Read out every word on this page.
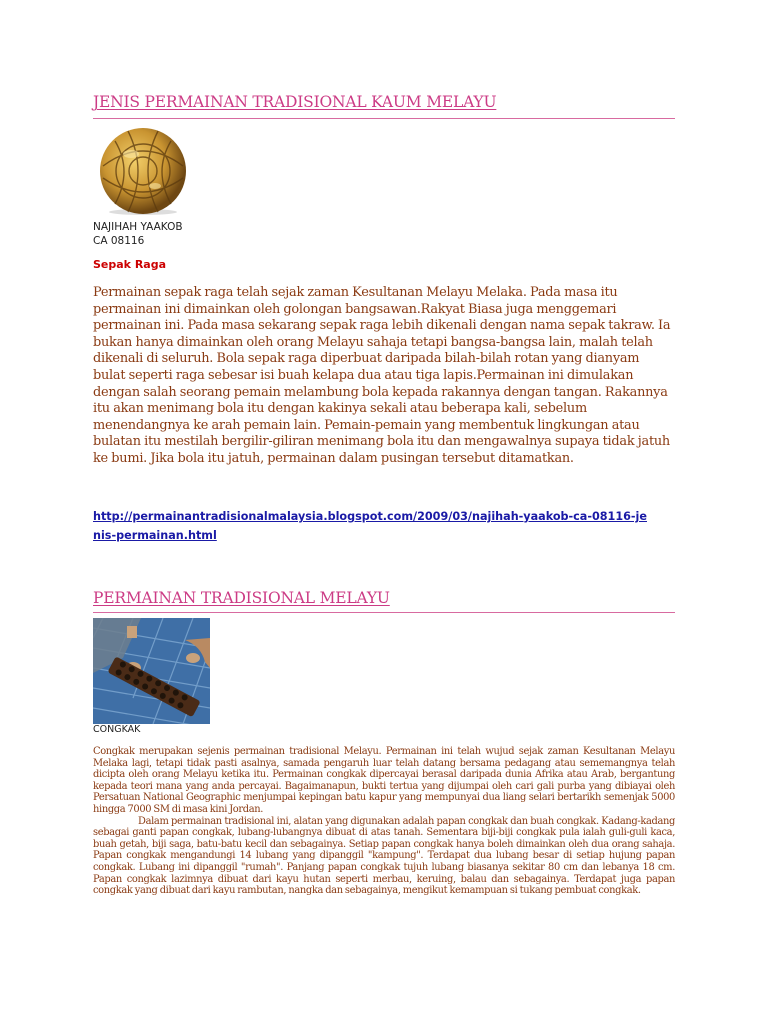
JENIS PERMAINAN TRADISIONAL KAUM MELAYU
NAJIHAH YAAKOB
CA 08116
Sepak Raga
Permainan sepak raga telah sejak zaman Kesultanan Melayu Melaka. Pada masa itu permainan ini dimainkan oleh golongan bangsawan.Rakyat Biasa juga menggemari permainan ini. Pada masa sekarang sepak raga lebih dikenali dengan nama sepak takraw. Ia bukan hanya dimainkan oleh orang Melayu sahaja tetapi bangsa-bangsa lain, malah telah dikenali di seluruh. Bola sepak raga diperbuat daripada bilah-bilah rotan yang dianyam bulat seperti raga sebesar isi buah kelapa dua atau tiga lapis.Permainan ini dimulakan dengan salah seorang pemain melambung bola kepada rakannya dengan tangan. Rakannya itu akan menimang bola itu dengan kakinya sekali atau beberapa kali, sebelum menendangnya ke arah pemain lain. Pemain-pemain yang membentuk lingkungan atau bulatan itu mestilah bergilir-giliran menimang bola itu dan mengawalnya supaya tidak jatuh ke bumi. Jika bola itu jatuh, permainan dalam pusingan tersebut ditamatkan.
http://permainantradisionalmalaysia.blogspot.com/2009/03/najihah-yaakob-ca-08116-jenis-permainan.html
PERMAINAN TRADISIONAL MELAYU
CONGKAK

Congkak merupakan sejenis permainan tradisional Melayu. Permainan ini telah wujud sejak zaman Kesultanan Melayu Melaka lagi, tetapi tidak pasti asalnya, samada pengaruh luar telah datang bersama pedagang atau sememangnya telah dicipta oleh orang Melayu ketika itu. Permainan congkak dipercayai berasal daripada dunia Afrika atau Arab, bergantung kepada teori mana yang anda percayai. Bagaimanapun, bukti tertua yang dijumpai oleh cari gali purba yang dibiayai oleh Persatuan National Geographic menjumpai kepingan batu kapur yang mempunyai dua liang selari bertarikh semenjak 5000 hingga 7000 SM di masa kini Jordan.

Dalam permainan tradisional ini, alatan yang digunakan adalah papan congkak dan buah congkak. Kadang-kadang sebagai ganti papan congkak, lubang-lubangnya dibuat di atas tanah. Sementara biji-biji congkak pula ialah guli-guli kaca, buah getah, biji saga, batu-batu kecil dan sebagainya. Setiap papan congkak hanya boleh dimainkan oleh dua orang sahaja. Papan congkak mengandungi 14 lubang yang dipanggil "kampung". Terdapat dua lubang besar di setiap hujung papan congkak. Lubang ini dipanggil "rumah". Panjang papan congkak tujuh lubang biasanya sekitar 80 cm dan lebanya 18 cm. Papan congkak lazimnya dibuat dari kayu hutan seperti merbau, keruing, balau dan sebagainya. Terdapat juga papan congkak yang dibuat dari kayu rambutan, nangka dan sebagainya, mengikut kemampuan si tukang pembuat congkak.
